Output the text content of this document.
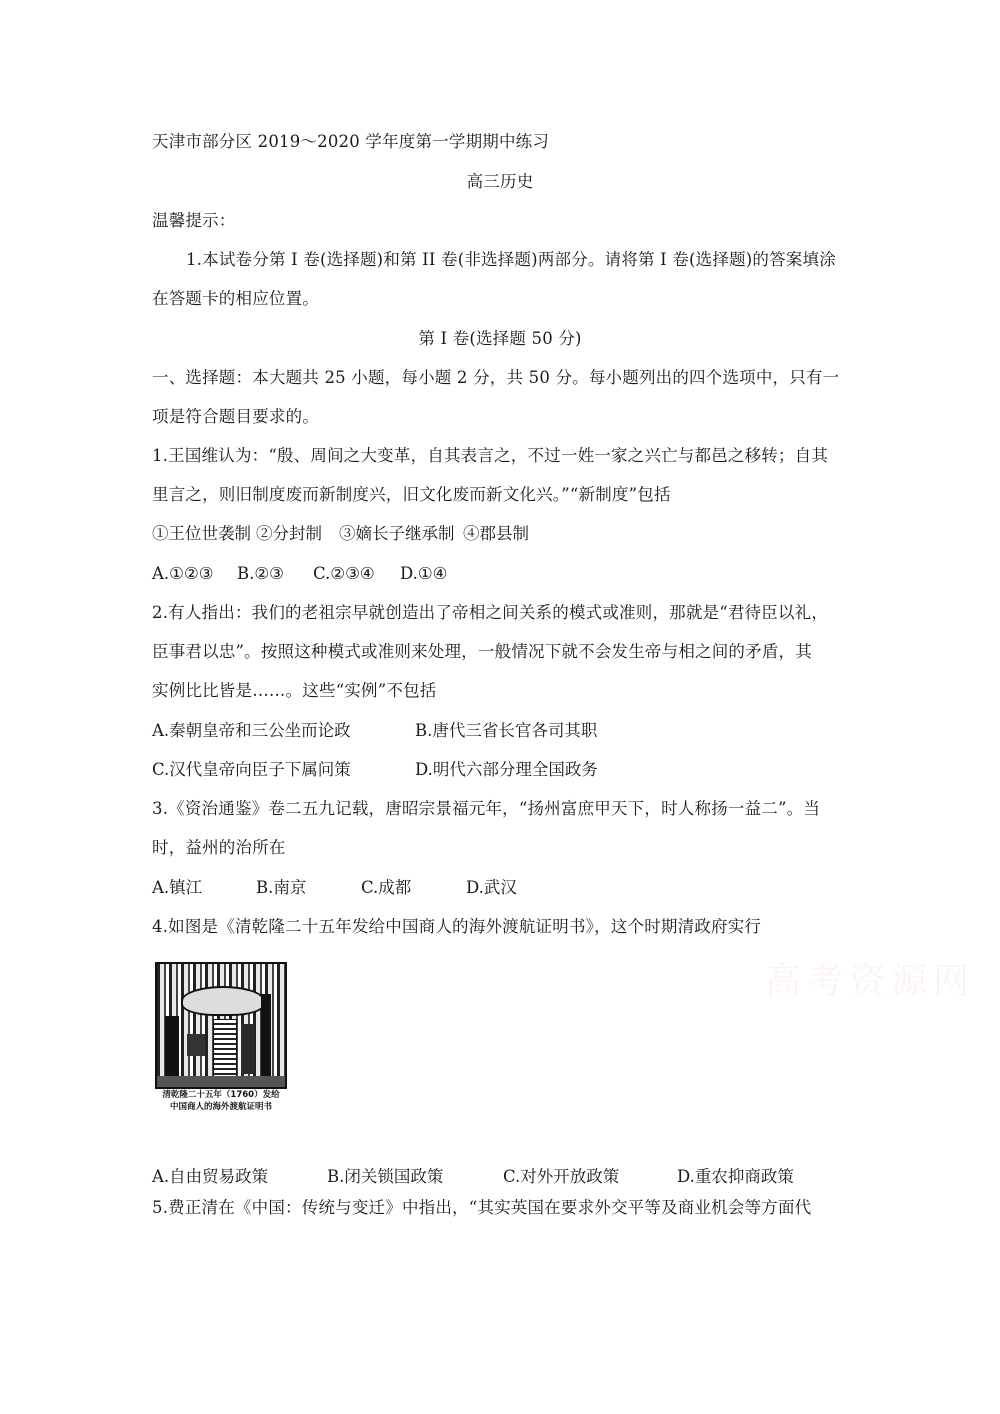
天津市部分区 2019～2020 学年度第一学期期中练习
高三历史
温馨提示：
1.本试卷分第 I 卷(选择题)和第 II 卷(非选择题)两部分。请将第 I 卷(选择题)的答案填涂
在答题卡的相应位置。
第 I 卷(选择题 50 分)
一、选择题：本大题共 25 小题，每小题 2 分，共 50 分。每小题列出的四个选项中，只有一
项是符合题目要求的。
1.王国维认为：“殷、周间之大变革，自其表言之，不过一姓一家之兴亡与都邑之移转；自其
里言之，则旧制度废而新制度兴，旧文化废而新文化兴。”“新制度”包括
①王位世袭制 ②分封制 ③嫡长子继承制 ④郡县制
A.①②③ B.②③ C.②③④ D.①④
2.有人指出：我们的老祖宗早就创造出了帝相之间关系的模式或准则，那就是“君待臣以礼，
臣事君以忠”。按照这种模式或准则来处理，一般情况下就不会发生帝与相之间的矛盾，其
实例比比皆是……。这些“实例”不包括
A.秦朝皇帝和三公坐而论政	B.唐代三省长官各司其职
C.汉代皇帝向臣子下属问策	D.明代六部分理全国政务
3.《资治通鉴》卷二五九记载，唐昭宗景福元年，“扬州富庶甲天下，时人称扬一益二”。当
时，益州的治所在
A.镇江	B.南京	C.成都	D.武汉
4.如图是《清乾隆二十五年发给中国商人的海外渡航证明书》，这个时期清政府实行
清乾隆二十五年（1760）发给
中国商人的海外渡航证明书
高考资源网
A.自由贸易政策	B.闭关锁国政策	C.对外开放政策	D.重农抑商政策
5.费正清在《中国：传统与变迁》中指出，“其实英国在要求外交平等及商业机会等方面代
